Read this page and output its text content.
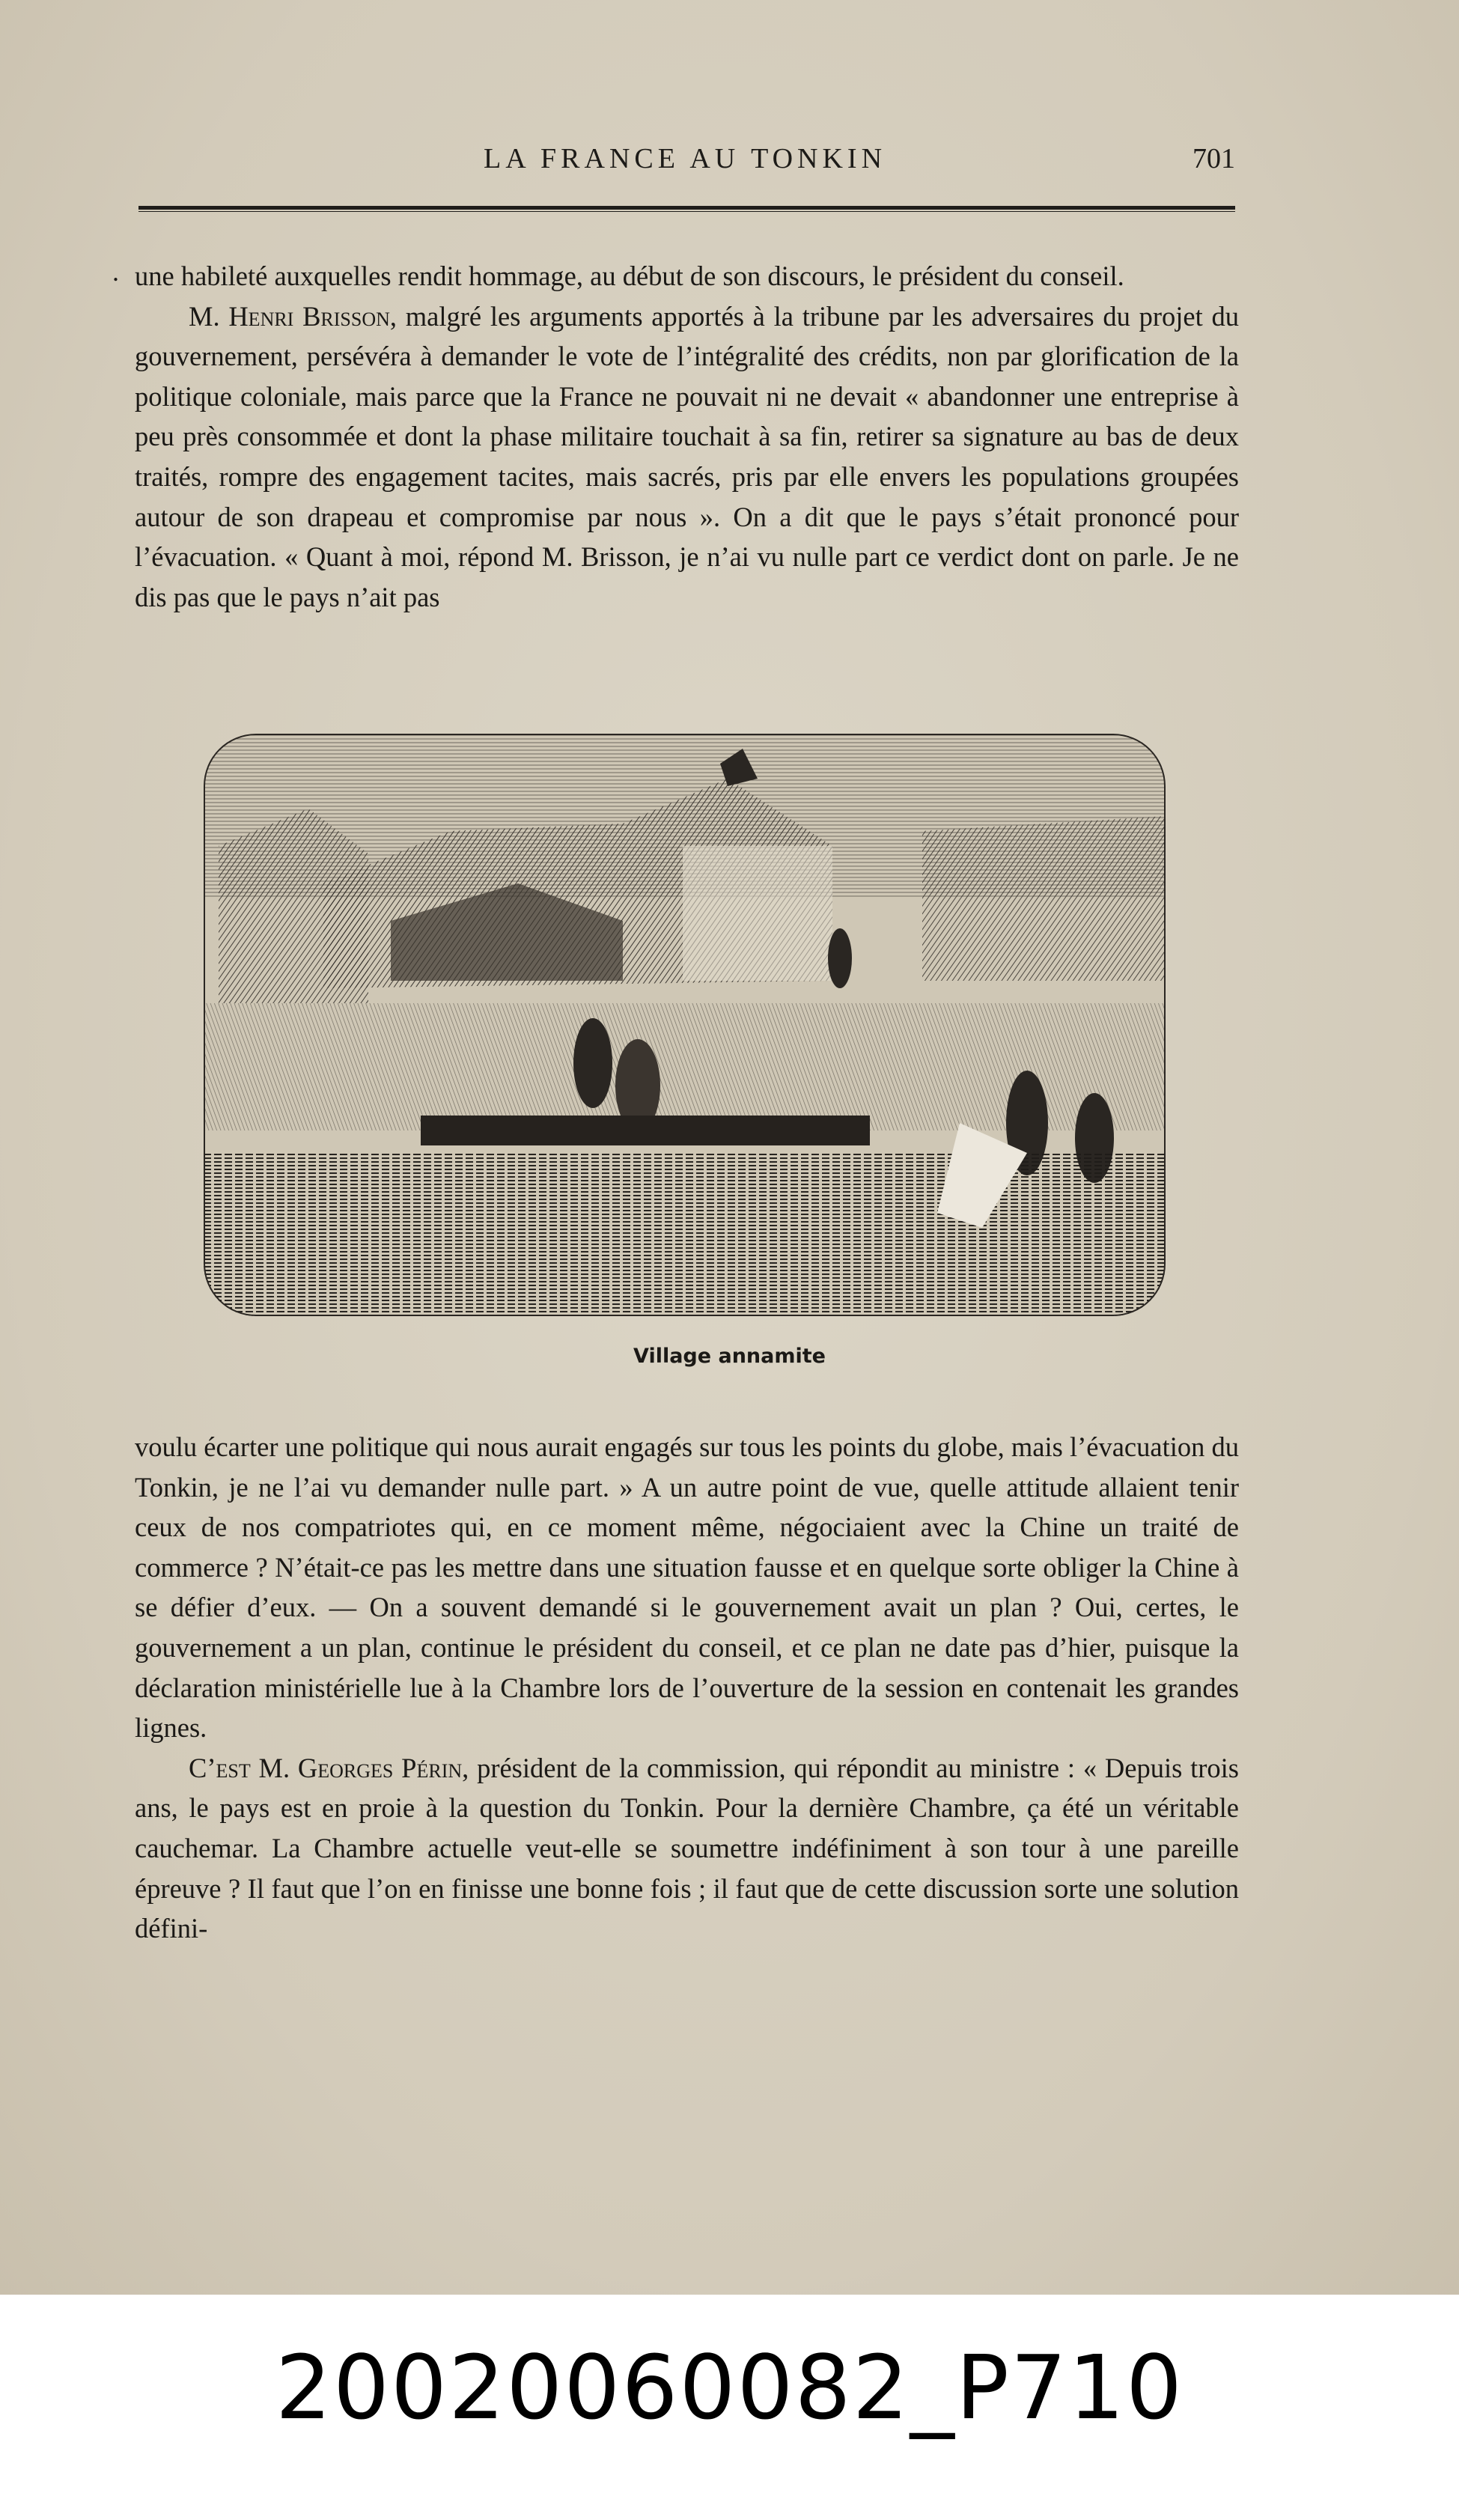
LA FRANCE AU TONKIN	701
. une habileté auxquelles rendit hommage, au début de son discours, le président du conseil.

M. Henri Brisson, malgré les arguments apportés à la tribune par les adversaires du projet du gouvernement, persévéra à demander le vote de l’intégralité des crédits, non par glorification de la politique coloniale, mais parce que la France ne pouvait ni ne devait « abandonner une entreprise à peu près consommée et dont la phase militaire touchait à sa fin, retirer sa signature au bas de deux traités, rompre des engagement tacites, mais sacrés, pris par elle envers les populations groupées autour de son drapeau et compromise par nous ». On a dit que le pays s’était prononcé pour l’évacuation. « Quant à moi, répond M. Brisson, je n’ai vu nulle part ce verdict dont on parle. Je ne dis pas que le pays n’ait pas

Village annamite

voulu écarter une politique qui nous aurait engagés sur tous les points du globe, mais l’évacuation du Tonkin, je ne l’ai vu demander nulle part. » A un autre point de vue, quelle attitude allaient tenir ceux de nos compatriotes qui, en ce moment même, négociaient avec la Chine un traité de commerce ? N’était-ce pas les mettre dans une situation fausse et en quelque sorte obliger la Chine à se défier d’eux. — On a souvent demandé si le gouvernement avait un plan ? Oui, certes, le gouvernement a un plan, continue le président du conseil, et ce plan ne date pas d’hier, puisque la déclaration ministérielle lue à la Chambre lors de l’ouverture de la session en contenait les grandes lignes.

C’est M. Georges Périn, président de la commission, qui répondit au ministre : « Depuis trois ans, le pays est en proie à la question du Tonkin. Pour la dernière Chambre, ça été un véritable cauchemar. La Chambre actuelle veut-elle se soumettre indéfiniment à son tour à une pareille épreuve ? Il faut que l’on en finisse une bonne fois ; il faut que de cette discussion sorte une solution défini-

20020060082_P710
